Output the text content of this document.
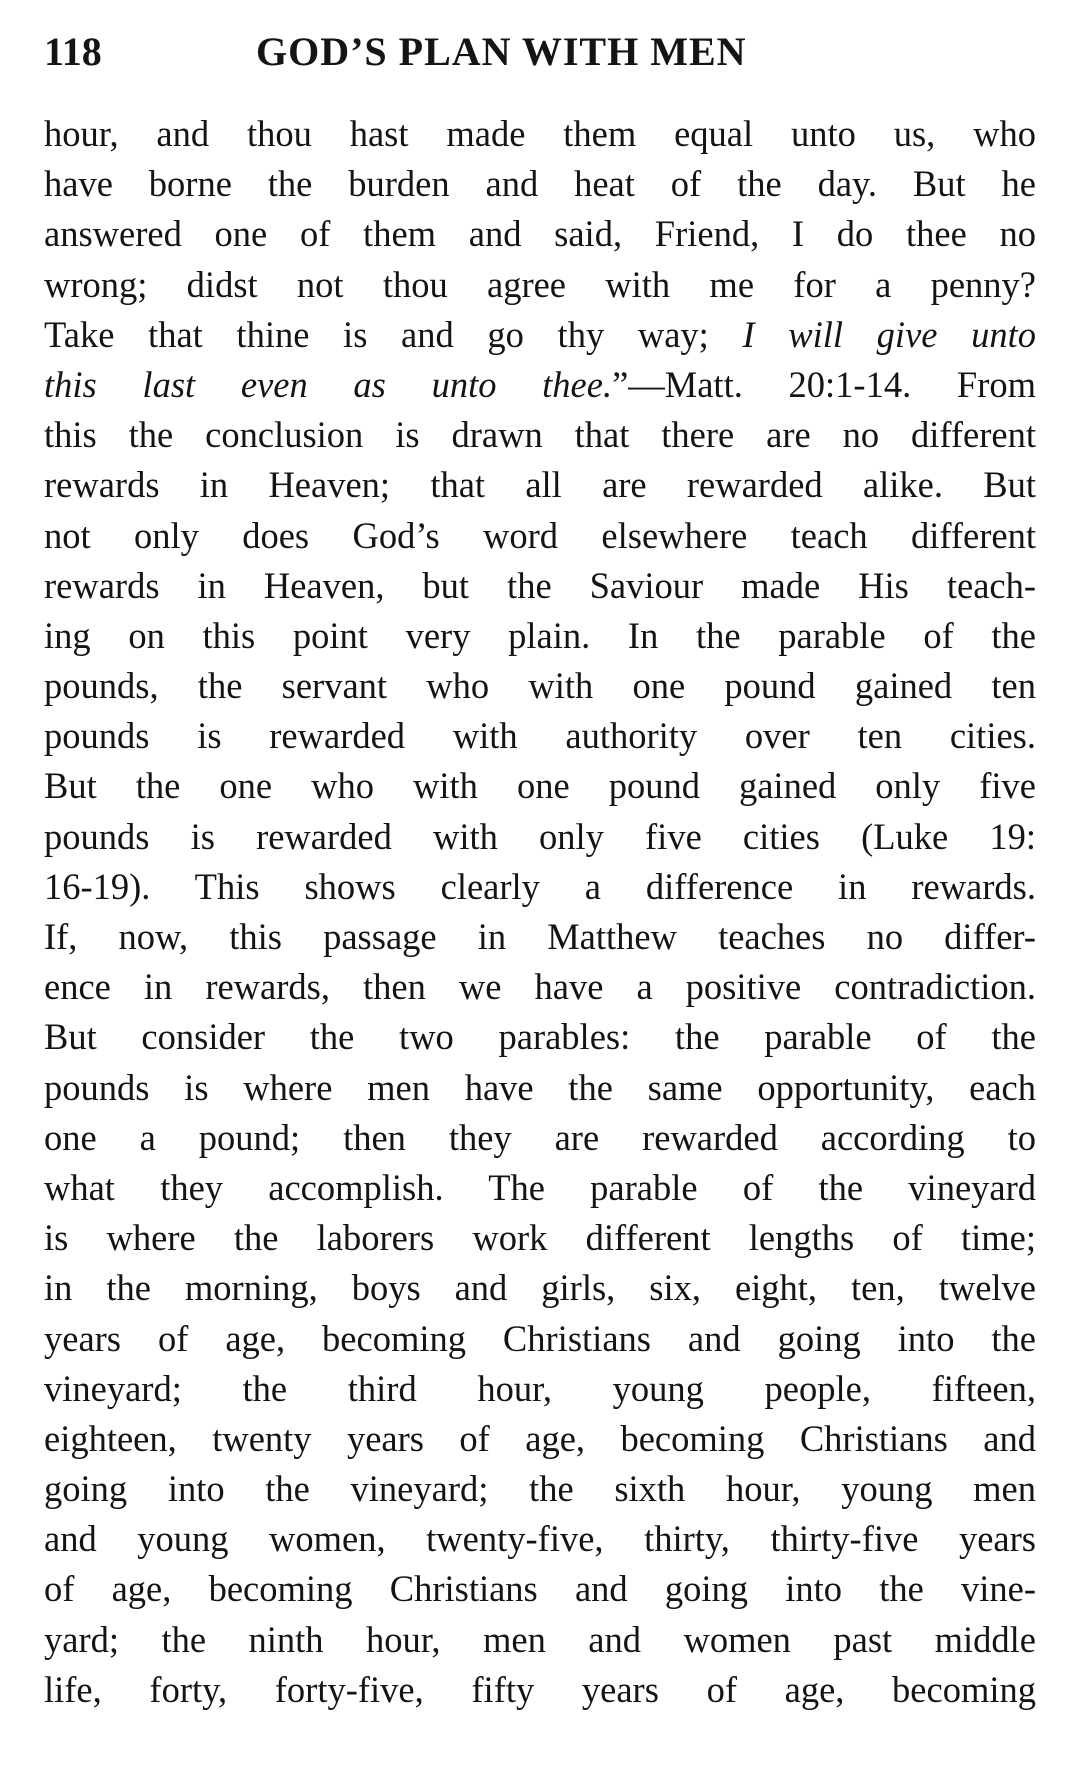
118	GOD’S PLAN WITH MEN
hour, and thou hast made them equal unto us, who
have borne the burden and heat of the day. But he
answered one of them and said, Friend, I do thee no
wrong; didst not thou agree with me for a penny?
Take that thine is and go thy way; I will give unto
this last even as unto thee.”—Matt. 20:1-14. From
this the conclusion is drawn that there are no different
rewards in Heaven; that all are rewarded alike. But
not only does God’s word elsewhere teach different
rewards in Heaven, but the Saviour made His teach-
ing on this point very plain. In the parable of the
pounds, the servant who with one pound gained ten
pounds is rewarded with authority over ten cities.
But the one who with one pound gained only five
pounds is rewarded with only five cities (Luke 19:
16-19). This shows clearly a difference in rewards.
If, now, this passage in Matthew teaches no differ-
ence in rewards, then we have a positive contradiction.
But consider the two parables: the parable of the
pounds is where men have the same opportunity, each
one a pound; then they are rewarded according to
what they accomplish. The parable of the vineyard
is where the laborers work different lengths of time;
in the morning, boys and girls, six, eight, ten, twelve
years of age, becoming Christians and going into the
vineyard; the third hour, young people, fifteen,
eighteen, twenty years of age, becoming Christians and
going into the vineyard; the sixth hour, young men
and young women, twenty-five, thirty, thirty-five years
of age, becoming Christians and going into the vine-
yard; the ninth hour, men and women past middle
life, forty, forty-five, fifty years of age, becoming
